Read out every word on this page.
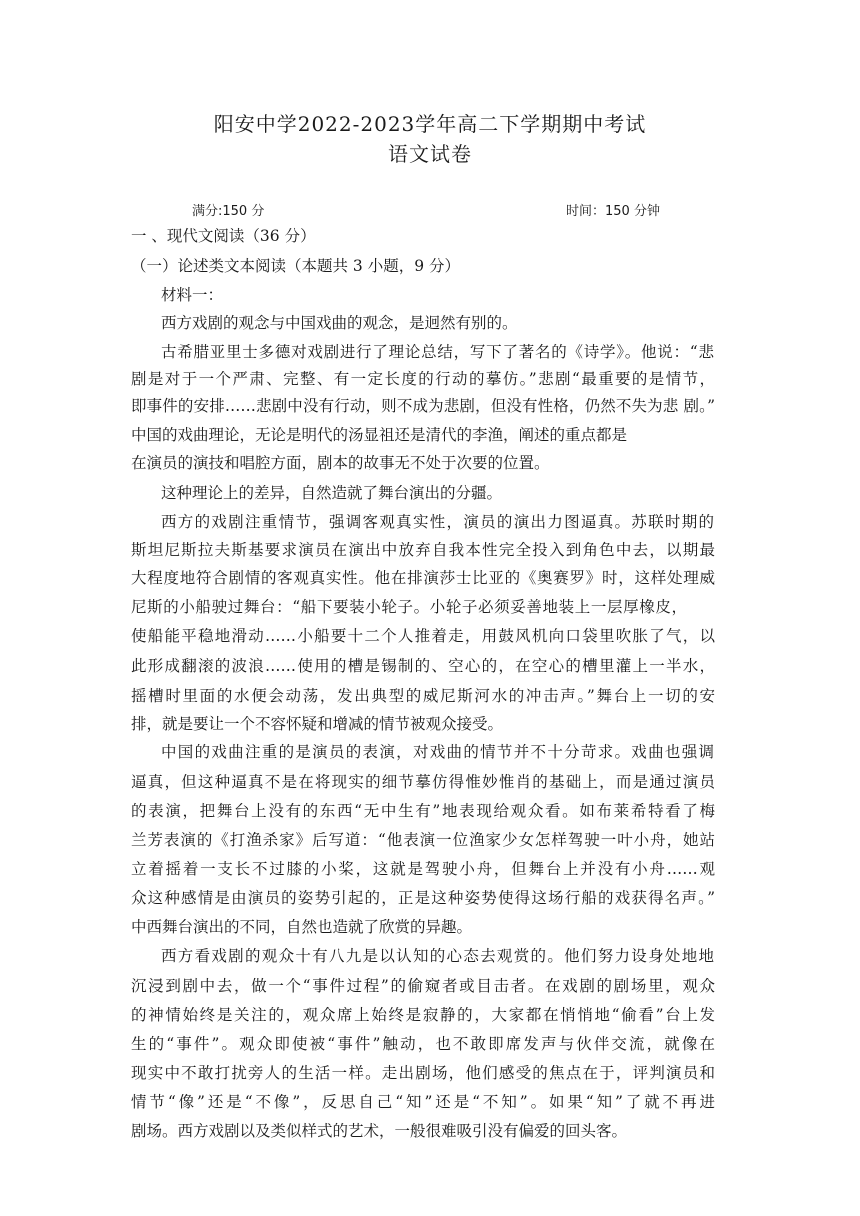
阳安中学2022-2023学年高二下学期期中考试
语文试卷
满分:150 分	时间：150 分钟
一 、现代文阅读（36 分）
（一）论述类文本阅读（本题共 3 小题，9 分）
材料一：
西方戏剧的观念与中国戏曲的观念，是迥然有别的。
古希腊亚里士多德对戏剧进行了理论总结，写下了著名的《诗学》。他说：“悲
剧是对于一个严肃、完整、有一定长度的行动的摹仿。”悲剧“最重要的是情节，
即事件的安排……悲剧中没有行动，则不成为悲剧，但没有性格，仍然不失为悲 剧。”
中国的戏曲理论，无论是明代的汤显祖还是清代的李渔，阐述的重点都是
在演员的演技和唱腔方面，剧本的故事无不处于次要的位置。
这种理论上的差异，自然造就了舞台演出的分疆。
西方的戏剧注重情节，强调客观真实性，演员的演出力图逼真。苏联时期的
斯坦尼斯拉夫斯基要求演员在演出中放弃自我本性完全投入到角色中去，以期最
大程度地符合剧情的客观真实性。他在排演莎士比亚的《奥赛罗》时，这样处理威
尼斯的小船驶过舞台：“船下要装小轮子。小轮子必须妥善地装上一层厚橡皮，
使船能平稳地滑动……小船要十二个人推着走，用鼓风机向口袋里吹胀了气，以
此形成翻滚的波浪……使用的槽是锡制的、空心的，在空心的槽里灌上一半水，
摇槽时里面的水便会动荡，发出典型的威尼斯河水的冲击声。”舞台上一切的安
排，就是要让一个不容怀疑和增减的情节被观众接受。
中国的戏曲注重的是演员的表演，对戏曲的情节并不十分苛求。戏曲也强调
逼真，但这种逼真不是在将现实的细节摹仿得惟妙惟肖的基础上，而是通过演员
的表演，把舞台上没有的东西“无中生有”地表现给观众看。如布莱希特看了梅
兰芳表演的《打渔杀家》后写道：“他表演一位渔家少女怎样驾驶一叶小舟，她站
立着摇着一支长不过膝的小桨，这就是驾驶小舟，但舞台上并没有小舟……观
众这种感情是由演员的姿势引起的，正是这种姿势使得这场行船的戏获得名声。”
中西舞台演出的不同，自然也造就了欣赏的异趣。
西方看戏剧的观众十有八九是以认知的心态去观赏的。他们努力设身处地地
沉浸到剧中去，做一个“事件过程”的偷窥者或目击者。在戏剧的剧场里，观众
的神情始终是关注的，观众席上始终是寂静的，大家都在悄悄地“偷看”台上发
生的“事件”。观众即使被“事件”触动，也不敢即席发声与伙伴交流，就像在
现实中不敢打扰旁人的生活一样。走出剧场，他们感受的焦点在于，评判演员和
情节“像”还是“不像”，反思自己“知”还是“不知”。如果“知”了就不再进
剧场。西方戏剧以及类似样式的艺术，一般很难吸引没有偏爱的回头客。
